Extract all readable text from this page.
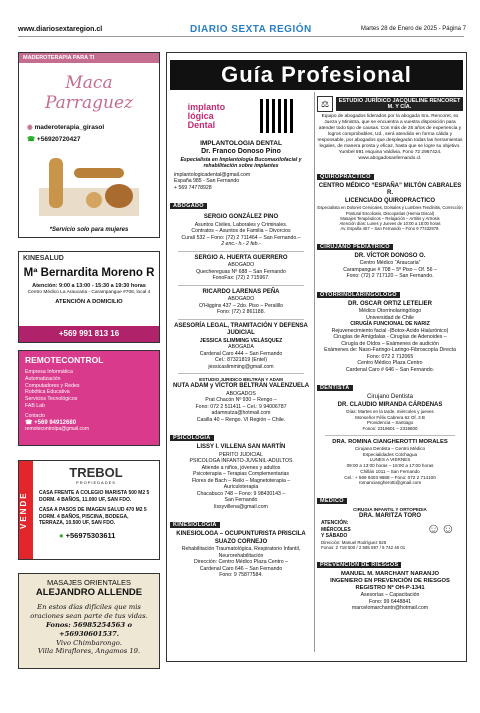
www.diariosextaregion.cl	DIARIO SEXTA REGIÓN	Martes 28 de Enero de 2025 - Página 7
MADEROTERAPIA PARA TI
Maca Parraguez
◉ maderoterapia_girasol
☎ +56920720427
*Servicio solo para mujeres
KINESALUD
Mª Bernardita Moreno R
Atención: 9:00 a 13:00 - 15:30 a 19:30 horas
Centro Médico La Araucaria - Carampangue #708, local 4
ATENCIÓN A DOMICILIO
+569 991 813 16
REMOTECONTROL
Empresa Informática
Automatización
Computadores y Redes
Robótica Educativa
Servicios Tecnológicos
FAB Lab
Contacto
☎ +569 94912680
remotecontrolpa@gmail.com
VENDE
TREBOL
PROPIEDADES
CASA FRENTE A COLEGIO MARISTA 500 M2 5 DORM. 4 BAÑOS, 11.000 UF, SAN FDO.
CASA A PASOS DE IMAGEN SALUD 470 M2 5 DORM. 4 BAÑOS, PISCINA, BODEGA, TERRAZA, 10.500 UF, SAN FDO.
● +56975303611
MASAJES ORIENTALES
ALEJANDRO ALLENDE
En estos días difíciles que mis oraciones sean parte de tus vidas.
Fonos: 56985254563 o +56930601537.
Vivo Chimbarongo.
Villa Miraflores, Angamos 19.
Guía Profesional
implanto
lógica
Dental
IMPLANTOLOGIA DENTAL
Dr. Franco Donoso Pino
Especialista en Implantología Bucomaxilofacial y rehabilitación sobre implantes
implantologicadental@gmail.com
España 985 - San Fernando
+ 569 74778928
ABOGADO
SERGIO GONZÁLEZ PINO
Asuntos Civiles, Laborales y Criminales.
Contratos – Asuntos de Familia – Divorcios
Curalí 532 – Fono: (72) 2 711464 – San Fernando.–
2 enc.- h.- 2 feb.-
SERGIO A. HUERTA GUERRERO
ABOGADO
Quechereguas Nº 688 – San Fernando
FonoFax: (72) 2 715967.
RICARDO LARENAS PEÑA
ABOGADO
O'Higgins 437 – 2do. Piso – Peralillo
Fono: (72) 2 861188.
ASESORÍA LEGAL, TRAMITACIÓN Y DEFENSA JUDICIAL
JESSICA SLIMMING VELÁSQUEZ
ABOGADA
Cardenal Caro 444 – San Fernando
Cel.: 87321819 (Entel)
jessicaslimming@gmail.com
ESTUDIO JURIDICO BELTRÁN Y ADAM
NUTA ADAM y VÍCTOR BELTRÁN VALENZUELA
ABOGADOS
Prat Chacón Nº 930 – Rengo –
Fono: 072 2 511411 – Cel.: 9 94006787
adamnutza@hotmail.com
Casilla 40 – Rengo. VI Región – Chile.
PSICOLOGÍA
LISSY I. VILLENA SAN MARTÍN
PERITO JUDICIAL
PSICOLOGA INFANTO-JUVENIL-ADULTOS
Atiende a niños, jóvenes y adultos
Psicoterapia – Terapias Complementarias
Flores de Bach – Reiki – Magnetoterapia –
Auriculoterapia
Chacabuco 748 – Fono: 9 98430143 –
San Fernando
lissyvillena@gmail.com
KINESIOLOGÍA
KINESIOLOGA – OCUPUNTURISTA PRISCILA SUAZO CORNEJO
Rehabilitación Traumatológica, Respiratorio Infantil, Neurorehabilitación
Dirección: Centro Médico Plaza Centro –
Cardenal Caro 646 – San Fernando
Fono: 9 75877584.
⚖	ESTUDIO JURÍDICO JACQUELINE RENCORET M. Y CÍA.
Equipo de abogados liderados por la abogada Sra. Rencoret, ex Jueza y Ministra, que se encuentra a vuestra disposición para atender todo tipo de causas. Con más de 25 años de experiencia y logros comprobables, Ud., será atendido en forma cálida y responsable, por abogados que desplegarán todas las herramientas legales, de manera pronta y eficaz, hasta que se logre su objetivo. Yumbel 591 esquina Valdivia. Fono 72 2967424. www.abogadosanfernando.cl.
QUIROPRÁCTICO
CENTRO MÉDICO “ESPAÑA” MILTÓN CABRALES R.
LICENCIADO QUIROPRACTICO
Especialista en Dolores Cervicales, Dorsales y Lumbres Tendinitis, Corrección Postural Escoliosis, Discopatías (Hernia Discal)
Masajes Terapéuticos – Relajación – Artritis y Artrosis
Atención días: Lunes y Jueves de 10:00 a 18:00 horas
Av. España 467 – San Fernando – Fono 9 77432979.
CIRUJANO PEDIÁTRICO
DR. VÍCTOR DONOSO O.
Centro Médico “Araucaria”
Carampangue # 708 – 5º Piso – Of. 56 –
Fono: (72) 2 717120 – San Fernando.
OTORRINOLARINGÓLOGO
DR. OSCAR ORTIZ LETELIER
Médico Otorrinolaringólogo
Universidad de Chile
CIRUGÍA FUNCIONAL DE NARIZ
Rejuvenecimiento facial -(Botox-Acido Hialurónico)
Cirugías de Amígdalas - Cirugías de Adenoides –
Cirugía de Oídos – Exámenes de audición
Exámenes de: Naso-Faringo-Laringo-Fibroscopía Directa
Fono: 072 2 712065
Centro Médico Plaza Centro
Cardenal Caro # 646 – San Fernando.
DENTISTA
Cirujano Dentista
DR. CLAUDIO MIRANDA CÁRDENAS
Días: Martes en la tarde, miércoles y jueves
Monseñor Félix Cabrera 62 Of. 3 B
Providencia – Santiago
Fonos: 2319601 – 2319600
DRA. ROMINA CIANGHEROTTI MORALES
Cirujano Dentista – Centro Médico
Especialidades Colchagua
LUNES A VIERNES
09:00 a 13:00 horas – 16:00 a 17:00 horas
Chillán 1011 – San Fernando
Cel.: + 569 9403 9888 – Fono: 072 2 714100
romanciangherotti@gmail.com
MÉDICO
CIRUGIA INFANTIL Y ORTOPEDIA
DRA. MARITZA TORO
ATENCIÓN:
MIÉRCOLES
Y SÁBADO	☺☺
Dirección: Manuel Rodríguez 525
Fonos: 2 718 500 / 2 585 597 / 9 742 46 01
PREVENCIÓN DE RIESGOS
MANUEL M. MARCHANT NARANJO
INGENIERO EN PREVENCIÓN DE RIESGOS
REGISTRO Nº OH-P-1341
Asesorías – Capacitación
Fono: 99 6448841
marcelomarchantn@hotmail.com
